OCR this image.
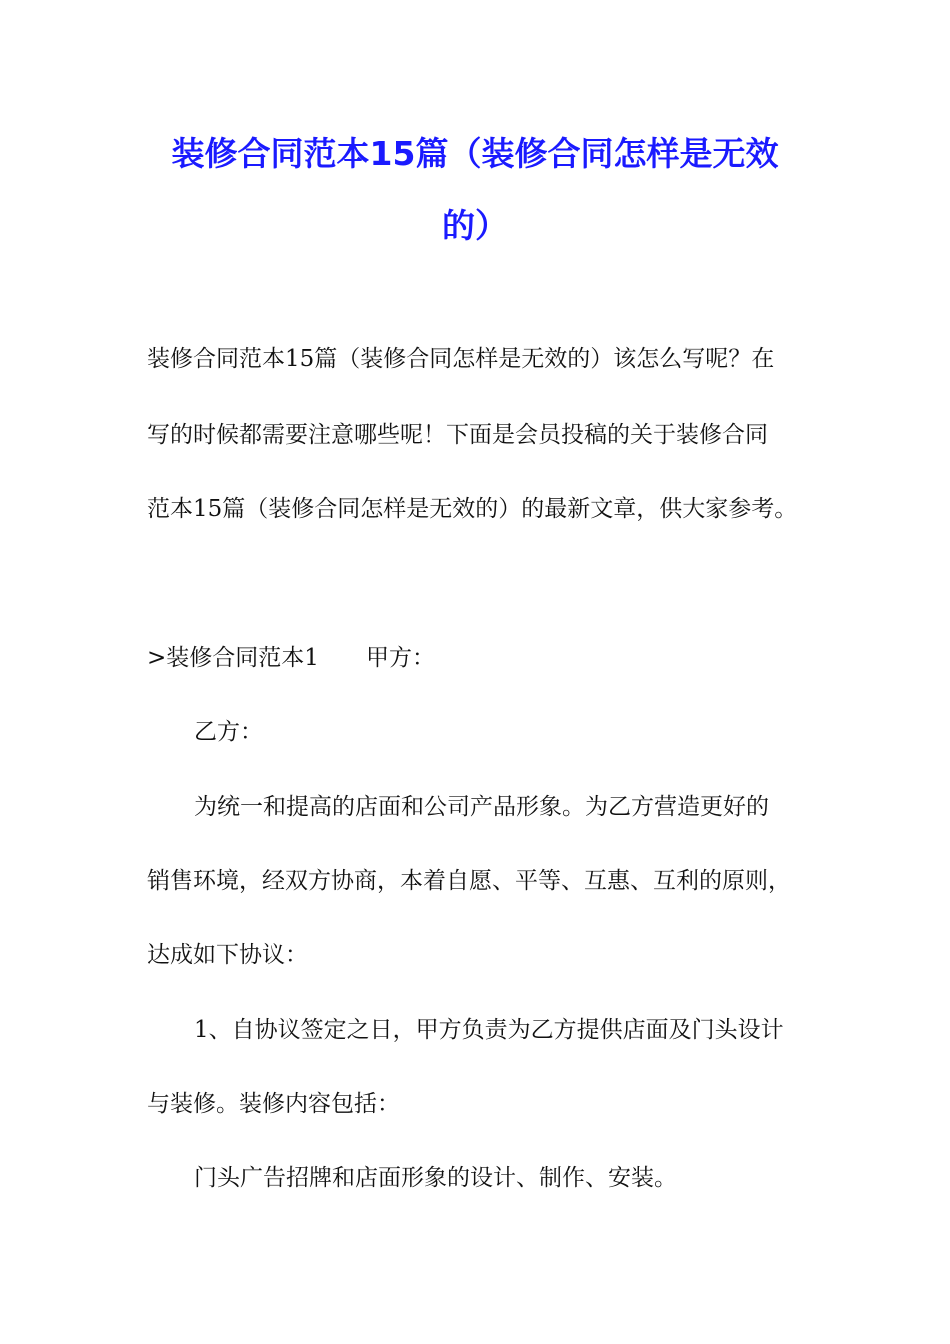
装修合同范本15篇（装修合同怎样是无效
的）

装修合同范本15篇（装修合同怎样是无效的）该怎么写呢？在

写的时候都需要注意哪些呢！下面是会员投稿的关于装修合同

范本15篇（装修合同怎样是无效的）的最新文章，供大家参考。

>装修合同范本1 甲方：

乙方：

为统一和提高的店面和公司产品形象。为乙方营造更好的

销售环境，经双方协商，本着自愿、平等、互惠、互利的原则，

达成如下协议：

1、自协议签定之日，甲方负责为乙方提供店面及门头设计

与装修。装修内容包括：

门头广告招牌和店面形象的设计、制作、安装。
